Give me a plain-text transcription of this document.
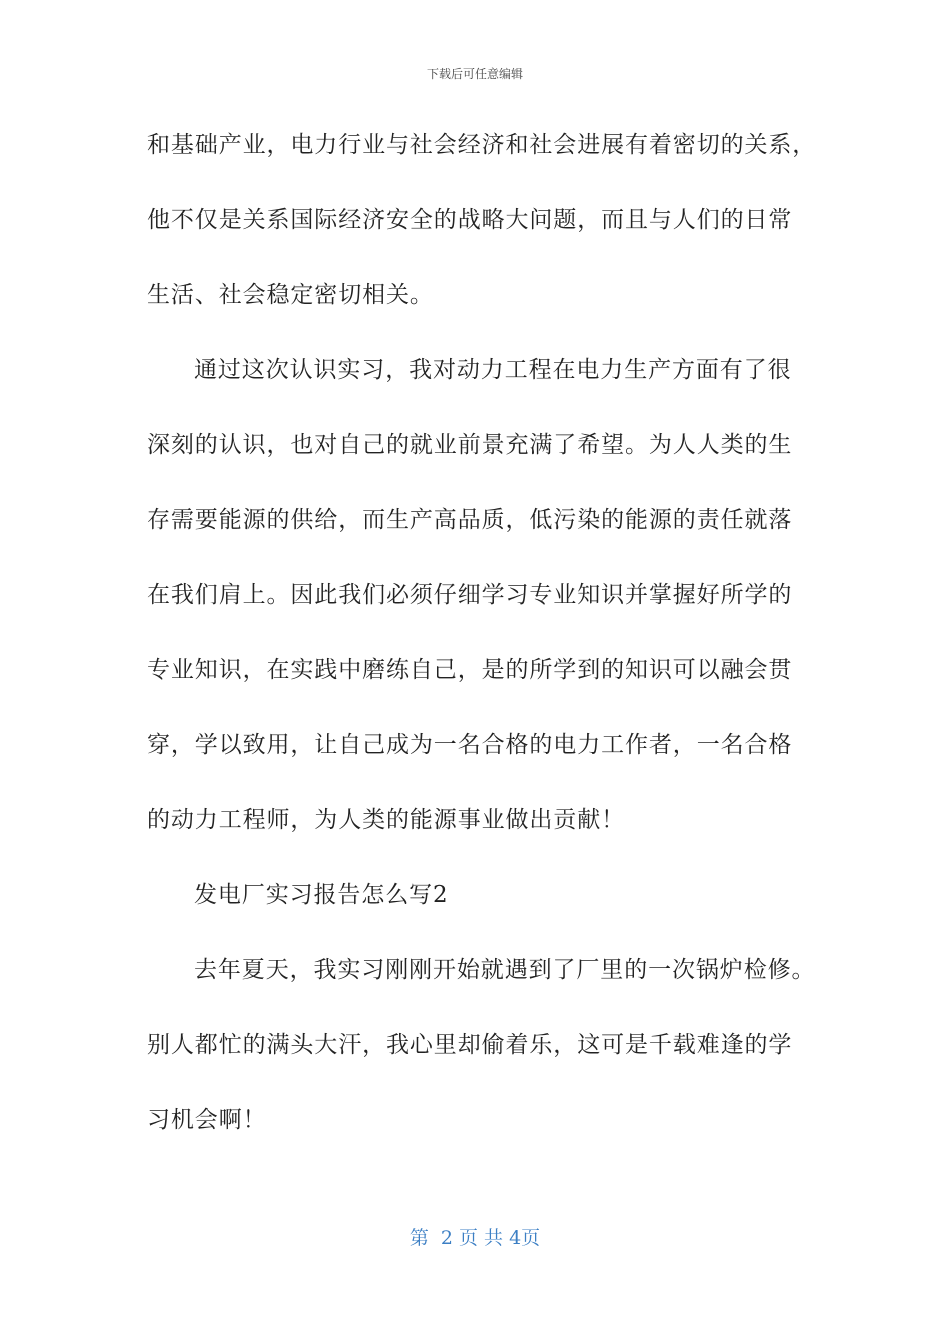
下载后可任意编辑
和基础产业，电力行业与社会经济和社会进展有着密切的关系，
他不仅是关系国际经济安全的战略大问题，而且与人们的日常
生活、社会稳定密切相关。
通过这次认识实习，我对动力工程在电力生产方面有了很
深刻的认识，也对自己的就业前景充满了希望。为人人类的生
存需要能源的供给，而生产高品质，低污染的能源的责任就落
在我们肩上。因此我们必须仔细学习专业知识并掌握好所学的
专业知识，在实践中磨练自己，是的所学到的知识可以融会贯
穿，学以致用，让自己成为一名合格的电力工作者，一名合格
的动力工程师，为人类的能源事业做出贡献！
发电厂实习报告怎么写2
去年夏天，我实习刚刚开始就遇到了厂里的一次锅炉检修。
别人都忙的满头大汗，我心里却偷着乐，这可是千载难逢的学
习机会啊！
第  2 页 共 4页
